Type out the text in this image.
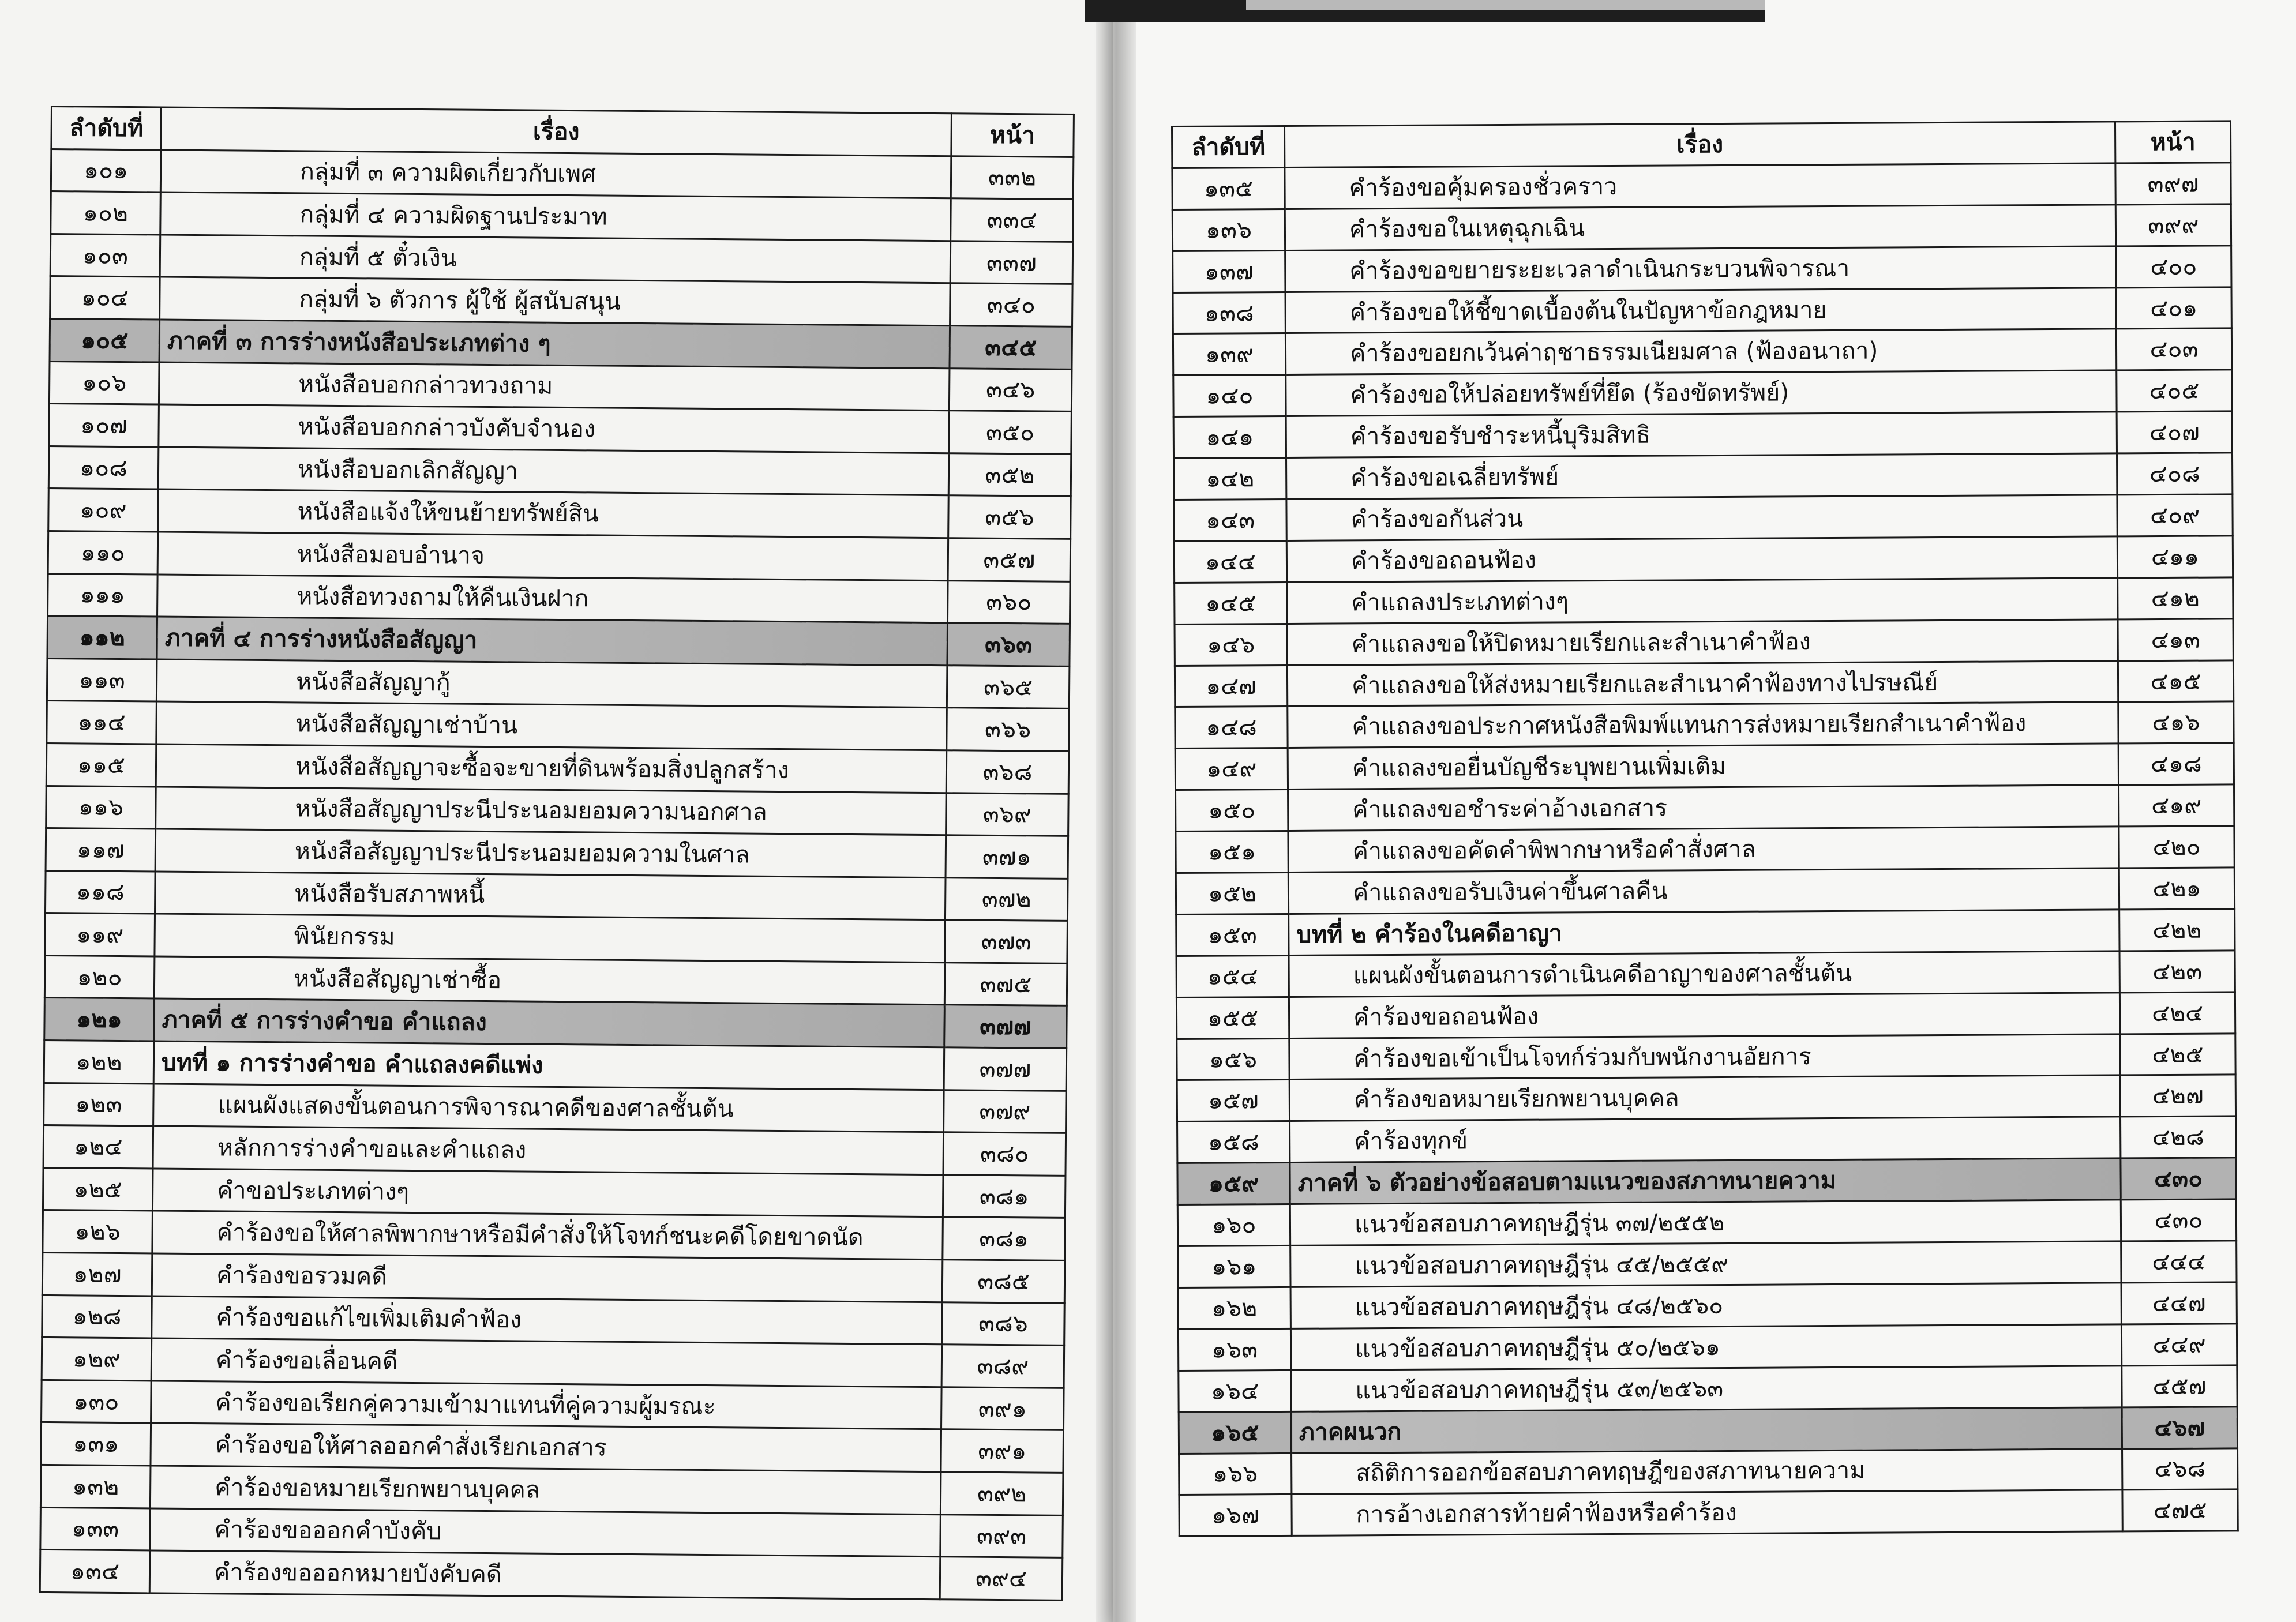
ลำดับที่	เรื่อง	หน้า
๑๐๑	กลุ่มที่ ๓ ความผิดเกี่ยวกับเพศ	๓๓๒
๑๐๒	กลุ่มที่ ๔ ความผิดฐานประมาท	๓๓๔
๑๐๓	กลุ่มที่ ๕ ตั๋วเงิน	๓๓๗
๑๐๔	กลุ่มที่ ๖ ตัวการ ผู้ใช้ ผู้สนับสนุน	๓๔๐
๑๐๕	ภาคที่ ๓ การร่างหนังสือประเภทต่าง ๆ	๓๔๕
๑๐๖	หนังสือบอกกล่าวทวงถาม	๓๔๖
๑๐๗	หนังสือบอกกล่าวบังคับจำนอง	๓๕๐
๑๐๘	หนังสือบอกเลิกสัญญา	๓๕๒
๑๐๙	หนังสือแจ้งให้ขนย้ายทรัพย์สิน	๓๕๖
๑๑๐	หนังสือมอบอำนาจ	๓๕๗
๑๑๑	หนังสือทวงถามให้คืนเงินฝาก	๓๖๐
๑๑๒	ภาคที่ ๔ การร่างหนังสือสัญญา	๓๖๓
๑๑๓	หนังสือสัญญากู้	๓๖๕
๑๑๔	หนังสือสัญญาเช่าบ้าน	๓๖๖
๑๑๕	หนังสือสัญญาจะซื้อจะขายที่ดินพร้อมสิ่งปลูกสร้าง	๓๖๘
๑๑๖	หนังสือสัญญาประนีประนอมยอมความนอกศาล	๓๖๙
๑๑๗	หนังสือสัญญาประนีประนอมยอมความในศาล	๓๗๑
๑๑๘	หนังสือรับสภาพหนี้	๓๗๒
๑๑๙	พินัยกรรม	๓๗๓
๑๒๐	หนังสือสัญญาเช่าซื้อ	๓๗๕
๑๒๑	ภาคที่ ๕ การร่างคำขอ คำแถลง	๓๗๗
๑๒๒	บทที่ ๑ การร่างคำขอ คำแถลงคดีแพ่ง	๓๗๗
๑๒๓	แผนผังแสดงขั้นตอนการพิจารณาคดีของศาลชั้นต้น	๓๗๙
๑๒๔	หลักการร่างคำขอและคำแถลง	๓๘๐
๑๒๕	คำขอประเภทต่างๆ	๓๘๑
๑๒๖	คำร้องขอให้ศาลพิพากษาหรือมีคำสั่งให้โจทก์ชนะคดีโดยขาดนัด	๓๘๑
๑๒๗	คำร้องขอรวมคดี	๓๘๕
๑๒๘	คำร้องขอแก้ไขเพิ่มเติมคำฟ้อง	๓๘๖
๑๒๙	คำร้องขอเลื่อนคดี	๓๘๙
๑๓๐	คำร้องขอเรียกคู่ความเข้ามาแทนที่คู่ความผู้มรณะ	๓๙๑
๑๓๑	คำร้องขอให้ศาลออกคำสั่งเรียกเอกสาร	๓๙๑
๑๓๒	คำร้องขอหมายเรียกพยานบุคคล	๓๙๒
๑๓๓	คำร้องขอออกคำบังคับ	๓๙๓
๑๓๔	คำร้องขอออกหมายบังคับคดี	๓๙๔
ลำดับที่	เรื่อง	หน้า
๑๓๕	คำร้องขอคุ้มครองชั่วคราว	๓๙๗
๑๓๖	คำร้องขอในเหตุฉุกเฉิน	๓๙๙
๑๓๗	คำร้องขอขยายระยะเวลาดำเนินกระบวนพิจารณา	๔๐๐
๑๓๘	คำร้องขอให้ชี้ขาดเบื้องต้นในปัญหาข้อกฎหมาย	๔๐๑
๑๓๙	คำร้องขอยกเว้นค่าฤชาธรรมเนียมศาล (ฟ้องอนาถา)	๔๐๓
๑๔๐	คำร้องขอให้ปล่อยทรัพย์ที่ยึด (ร้องขัดทรัพย์)	๔๐๕
๑๔๑	คำร้องขอรับชำระหนี้บุริมสิทธิ	๔๐๗
๑๔๒	คำร้องขอเฉลี่ยทรัพย์	๔๐๘
๑๔๓	คำร้องขอกันส่วน	๔๐๙
๑๔๔	คำร้องขอถอนฟ้อง	๔๑๑
๑๔๕	คำแถลงประเภทต่างๆ	๔๑๒
๑๔๖	คำแถลงขอให้ปิดหมายเรียกและสำเนาคำฟ้อง	๔๑๓
๑๔๗	คำแถลงขอให้ส่งหมายเรียกและสำเนาคำฟ้องทางไปรษณีย์	๔๑๕
๑๔๘	คำแถลงขอประกาศหนังสือพิมพ์แทนการส่งหมายเรียกสำเนาคำฟ้อง	๔๑๖
๑๔๙	คำแถลงขอยื่นบัญชีระบุพยานเพิ่มเติม	๔๑๘
๑๕๐	คำแถลงขอชำระค่าอ้างเอกสาร	๔๑๙
๑๕๑	คำแถลงขอคัดคำพิพากษาหรือคำสั่งศาล	๔๒๐
๑๕๒	คำแถลงขอรับเงินค่าขึ้นศาลคืน	๔๒๑
๑๕๓	บทที่ ๒ คำร้องในคดีอาญา	๔๒๒
๑๕๔	แผนผังขั้นตอนการดำเนินคดีอาญาของศาลชั้นต้น	๔๒๓
๑๕๕	คำร้องขอถอนฟ้อง	๔๒๔
๑๕๖	คำร้องขอเข้าเป็นโจทก์ร่วมกับพนักงานอัยการ	๔๒๕
๑๕๗	คำร้องขอหมายเรียกพยานบุคคล	๔๒๗
๑๕๘	คำร้องทุกข์	๔๒๘
๑๕๙	ภาคที่ ๖ ตัวอย่างข้อสอบตามแนวของสภาทนายความ	๔๓๐
๑๖๐	แนวข้อสอบภาคทฤษฎีรุ่น ๓๗/๒๕๕๒	๔๓๐
๑๖๑	แนวข้อสอบภาคทฤษฎีรุ่น ๔๕/๒๕๕๙	๔๔๔
๑๖๒	แนวข้อสอบภาคทฤษฎีรุ่น ๔๘/๒๕๖๐	๔๔๗
๑๖๓	แนวข้อสอบภาคทฤษฎีรุ่น ๕๐/๒๕๖๑	๔๔๙
๑๖๔	แนวข้อสอบภาคทฤษฎีรุ่น ๕๓/๒๕๖๓	๔๕๗
๑๖๕	ภาคผนวก	๔๖๗
๑๖๖	สถิติการออกข้อสอบภาคทฤษฎีของสภาทนายความ	๔๖๘
๑๖๗	การอ้างเอกสารท้ายคำฟ้องหรือคำร้อง	๔๗๕
